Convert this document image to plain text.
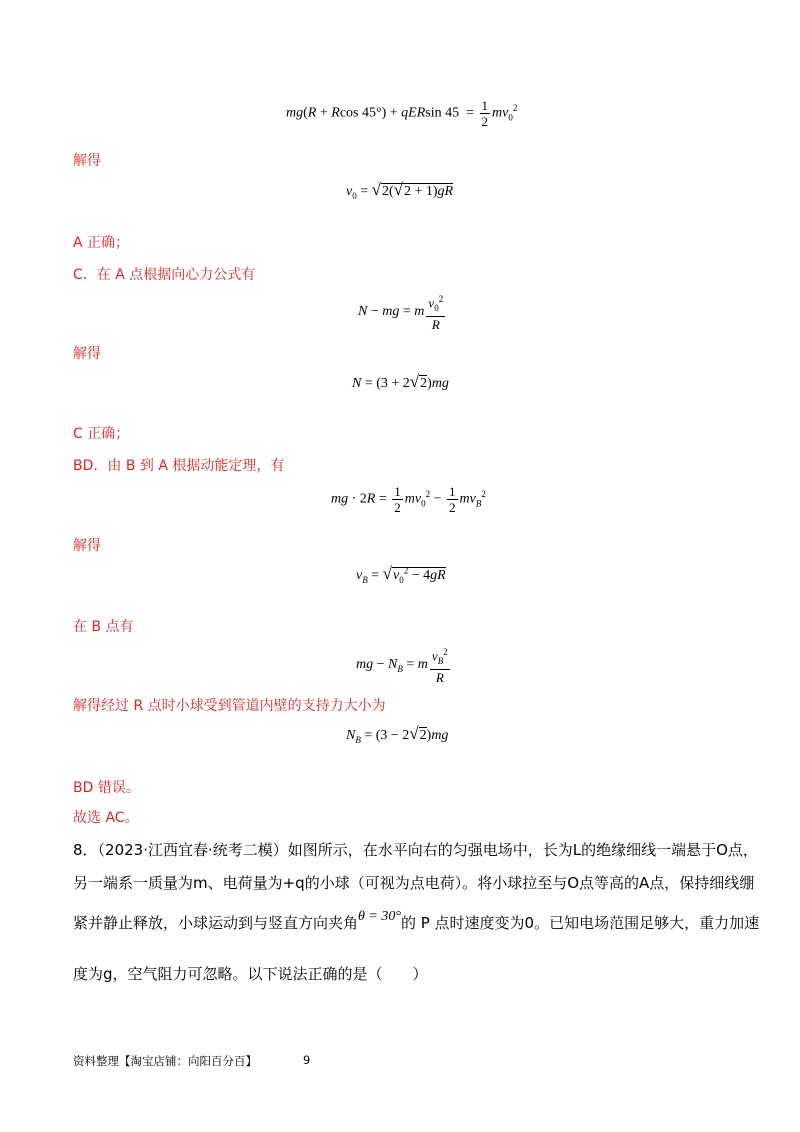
mg(R + Rcos 45°) + qERsin $45 = \frac{1}{2} mv_0^2$
解得
$v_0 = √2(√2 + 1)gR$
A 正确；
C．在 A 点根据向心力公式有
N − mg = m $\frac{v_0^2}{R}$
解得
N = (3 + 2√2)mg
C 正确；
BD．由 B 到 A 根据动能定理，有
mg · $2R = \frac{1}{2} mv_0^2 - \frac{1}{2} mv_B^2$
解得
$v_B = √v_0^2 - 4gR$
在 B 点有
mg − $N_B = m \frac{v_B^2}{R}$
解得经过 R 点时小球受到管道内壁的支持力大小为
$N_B = (3 - 2√2)mg$
BD 错误。
故选 AC。
8．（2023·江西宜春·统考二模）如图所示，在水平向右的匀强电场中，长为L的绝缘细线一端悬于O点，
另一端系一质量为m、电荷量为+q的小球（可视为点电荷）。将小球拉至与O点等高的A点，保持细线绷
紧并静止释放，小球运动到与竖直方向夹角θ = 30°的 P 点时速度变为0。已知电场范围足够大，重力加速
度为g，空气阻力可忽略。以下说法正确的是（　　）
资料整理【淘宝店铺：向阳百分百】	9
